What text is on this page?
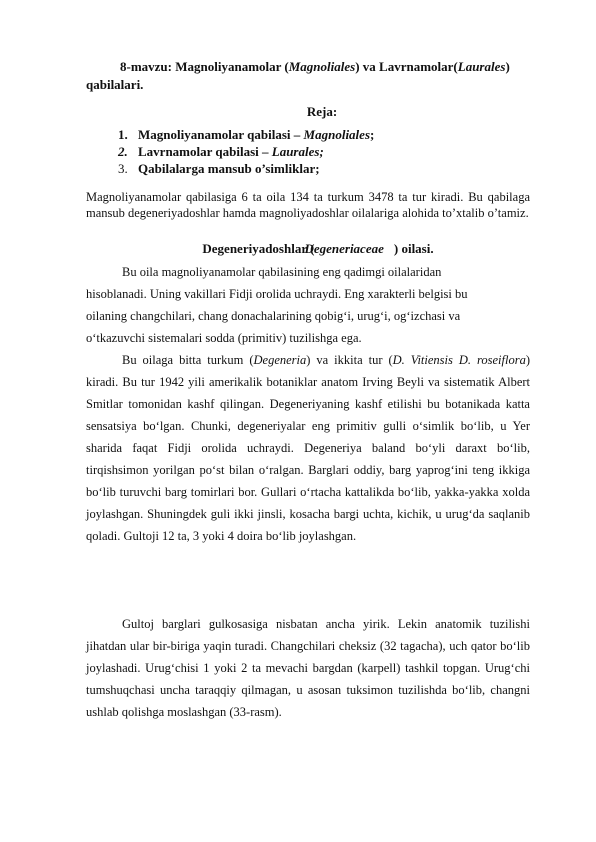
8-mavzu: Magnoliyanamolar (Magnoliales) va Lavrnamolar(Laurales) qabilalari.
Reja:
1. Magnoliyanamolar qabilasi – Magnoliales;
2. Lavrnamolar qabilasi – Laurales;
3. Qabilalarga mansub o’simliklar;

Magnoliyanamolar qabilasiga 6 ta oila 134 ta turkum 3478 ta tur kiradi. Bu qabilaga mansub degeneriyadoshlar hamda magnoliyadoshlar oilalariga alohida to’xtalib o’tamiz.

Degeneriyadoshlar (Degeneriaceae ) oilasi.

Bu oila magnoliyanamolar qabilasining eng qadimgi oilalaridan
hisoblanadi. Uning vakillari Fidji orolida uchraydi. Eng xarakterli belgisi bu
oilaning changchilari, chang donachalarining qobig‘i, urug‘i, og‘izchasi va
o‘tkazuvchi sistemalari sodda (primitiv) tuzilishga ega.

Bu oilaga bitta turkum (Degeneria) va ikkita tur (D. Vitiensis D. roseiflora) kiradi. Bu tur 1942 yili amerikalik botaniklar anatom Irving Beyli va sistematik Albert Smitlar tomonidan kashf qilingan. Degeneriyaning kashf etilishi bu botanikada katta sensatsiya bo‘lgan. Chunki, degeneriyalar eng primitiv gulli o‘simlik bo‘lib, u Yer sharida faqat Fidji orolida uchraydi. Degeneriya baland bo‘yli daraxt bo‘lib, tirqishsimon yorilgan po‘st bilan o‘ralgan. Barglari oddiy, barg yaprog‘ini teng ikkiga bo‘lib turuvchi barg tomirlari bor. Gullari o‘rtacha kattalikda bo‘lib, yakka-yakka xolda joylashgan. Shuningdek guli ikki jinsli, kosacha bargi uchta, kichik, u urug‘da saqlanib qoladi. Gultoji 12 ta, 3 yoki 4 doira bo‘lib joylashgan.

Gultoj barglari gulkosasiga nisbatan ancha yirik. Lekin anatomik tuzilishi jihatdan ular bir-biriga yaqin turadi. Changchilari cheksiz (32 tagacha), uch qator bo‘lib joylashadi. Urug‘chisi 1 yoki 2 ta mevachi bargdan (karpell) tashkil topgan. Urug‘chi tumshuqchasi uncha taraqqiy qilmagan, u asosan tuksimon tuzilishda bo‘lib, changni ushlab qolishga moslashgan (33-rasm).
